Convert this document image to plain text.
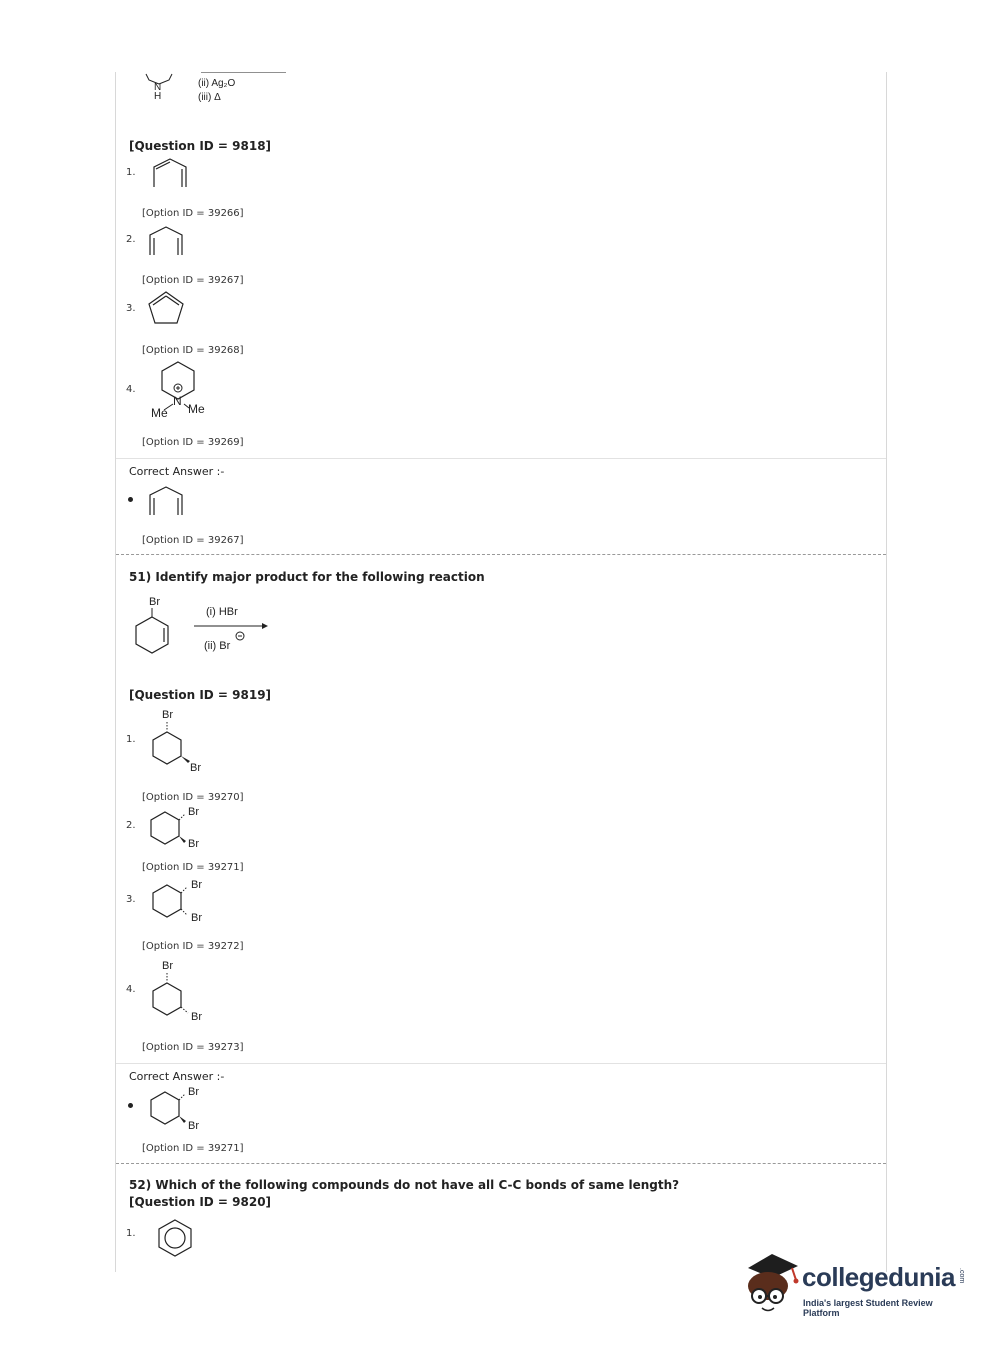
N
H
(ii) Ag₂O
(iii) Δ
[Question ID = 9818]
1.
[Option ID = 39266]
2.
[Option ID = 39267]
3.
[Option ID = 39268]
4.
N
Me Me
[Option ID = 39269]
Correct Answer :-
[Option ID = 39267]
51) Identify major product for the following reaction
Br
(i) HBr
(ii) Br
[Question ID = 9819]
1.
Br
Br
[Option ID = 39270]
2.
Br
Br
[Option ID = 39271]
3.
Br
Br
[Option ID = 39272]
4.
Br
Br
[Option ID = 39273]
Correct Answer :-
Br
Br
[Option ID = 39271]
52) Which of the following compounds do not have all C-C bonds of same length?
[Question ID = 9820]
1.
collegedunia .com
India's largest Student Review Platform
